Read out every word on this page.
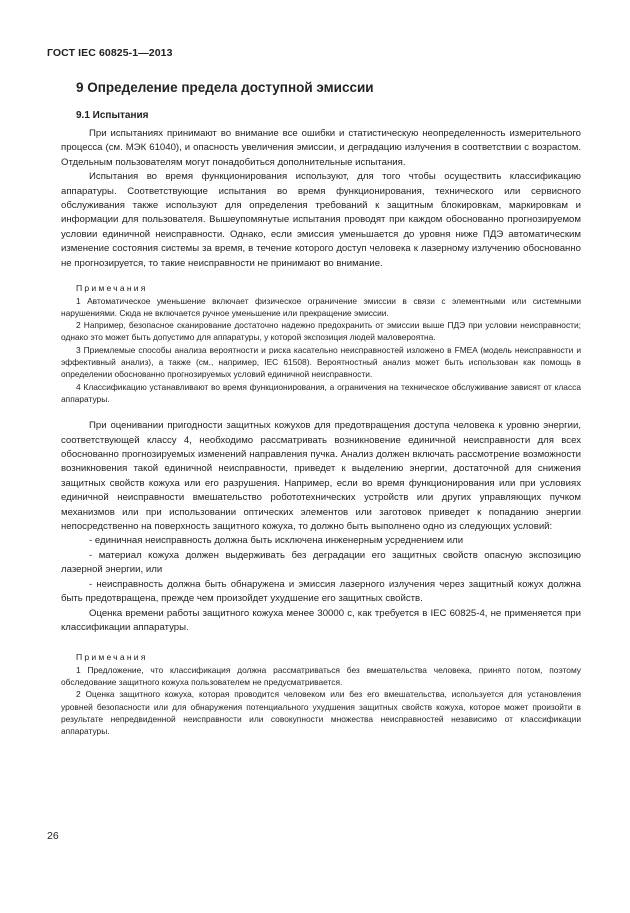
ГОСТ IEC 60825-1—2013
9 Определение предела доступной эмиссии
9.1 Испытания

При испытаниях принимают во внимание все ошибки и статистическую неопределенность измерительного процесса (см. МЭК 61040), и опасность увеличения эмиссии, и деградацию излучения в соответствии с возрастом. Отдельным пользователям могут понадобиться дополнительные испытания.

Испытания во время функционирования используют, для того чтобы осуществить классификацию аппаратуры. Соответствующие испытания во время функционирования, технического или сервисного обслуживания также используют для определения требований к защитным блокировкам, маркировкам и информации для пользователя. Вышеупомянутые испытания проводят при каждом обоснованно прогнозируемом условии единичной неисправности. Однако, если эмиссия уменьшается до уровня ниже ПДЭ автоматическим изменение состояния системы за время, в течение которого доступ человека к лазерному излучению обоснованно не прогнозируется, то такие неисправности не принимают во внимание.

Примечания

1 Автоматическое уменьшение включает физическое ограничение эмиссии в связи с элементными или системными нарушениями. Сюда не включается ручное уменьшение или прекращение эмиссии.

2 Например, безопасное сканирование достаточно надежно предохранить от эмиссии выше ПДЭ при условии неисправности; однако это может быть допустимо для аппаратуры, у которой экспозиция людей маловероятна.

3 Приемлемые способы анализа вероятности и риска касательно неисправностей изложено в FMEA (модель неисправности и эффективный анализ), а также (см., например, IEC 61508). Вероятностный анализ может быть использован как помощь в определении обоснованно прогнозируемых условий единичной неисправности.

4 Классификацию устанавливают во время функционирования, а ограничения на техническое обслуживание зависят от класса аппаратуры.

При оценивании пригодности защитных кожухов для предотвращения доступа человека к уровню энергии, соответствующей классу 4, необходимо рассматривать возникновение единичной неисправности для всех обоснованно прогнозируемых изменений направления пучка. Анализ должен включать рассмотрение возможности возникновения такой единичной неисправности, приведет к выделению энергии, достаточной для снижения защитных свойств кожуха или его разрушения. Например, если во время функционирования или при условиях единичной неисправности вмешательство робототехнических устройств или других управляющих пучком механизмов или при использовании оптических элементов или заготовок приведет к попаданию энергии непосредственно на поверхность защитного кожуха, то должно быть выполнено одно из следующих условий:

- единичная неисправность должна быть исключена инженерным усреднением или

- материал кожуха должен выдерживать без деградации его защитных свойств опасную экспозицию лазерной энергии, или

- неисправность должна быть обнаружена и эмиссия лазерного излучения через защитный кожух должна быть предотвращена, прежде чем произойдет ухудшение его защитных свойств.

Оценка времени работы защитного кожуха менее 30000 с, как требуется в IEC 60825-4, не применяется при классификации аппаратуры.

Примечания

1 Предложение, что классификация должна рассматриваться без вмешательства человека, принято потом, поэтому обследование защитного кожуха пользователем не предусматривается.

2 Оценка защитного кожуха, которая проводится человеком или без его вмешательства, используется для установления уровней безопасности или для обнаружения потенциального ухудшения защитных свойств кожуха, которое может произойти в результате непредвиденной неисправности или совокупности множества неисправностей независимо от классификации аппаратуры.

26
